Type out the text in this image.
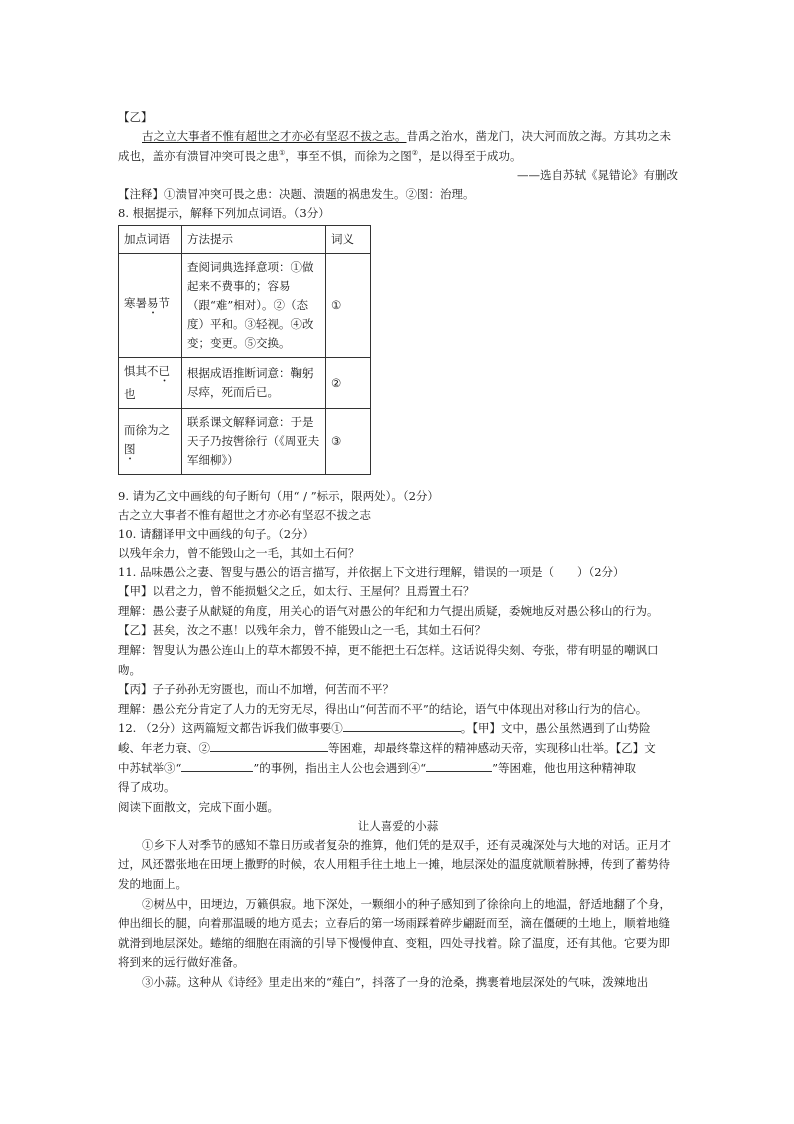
【乙】
古之立大事者不惟有超世之才亦必有坚忍不拔之志。昔禹之治水，凿龙门，决大河而放之海。方其功之未成也，盖亦有溃冒冲突可畏之患①，事至不惧，而徐为之图②，是以得至于成功。
——选自苏轼《晁错论》有删改
【注释】①溃冒冲突可畏之患：决题、溃题的祸患发生。②图：治理。
8. 根据提示，解释下列加点词语。（3分）
加点词语	方法提示	词义
寒暑易节	查阅词典选择意项：①做起来不费事的；容易（跟“难”相对）。②（态度）平和。③轻视。④改变；变更。⑤交换。	①
惧其不已也	根据成语推断词意：鞠躬尽瘁，死而后已。	②
而徐为之图	联系课文解释词意：于是天子乃按辔徐行（《周亚夫军细柳》）	③
9. 请为乙文中画线的句子断句（用“ / ”标示，限两处）。（2分）
古之立大事者不惟有超世之才亦必有坚忍不拔之志
10. 请翻译甲文中画线的句子。（2分）
以残年余力，曾不能毁山之一毛，其如土石何？
11. 品味愚公之妻、智叟与愚公的语言描写，并依据上下文进行理解，错误的一项是（　　）（2分）
【甲】以君之力，曾不能损魁父之丘，如太行、王屋何？且焉置土石？
理解：愚公妻子从献疑的角度，用关心的语气对愚公的年纪和力气提出质疑，委婉地反对愚公移山的行为。
【乙】甚矣，汝之不惠！以残年余力，曾不能毁山之一毛，其如土石何？
理解：智叟认为愚公连山上的草木都毁不掉，更不能把土石怎样。这话说得尖刻、夸张，带有明显的嘲讽口吻。
【丙】子子孙孙无穷匮也，而山不加增，何苦而不平？
理解：愚公充分肯定了人力的无穷无尽，得出山“何苦而不平”的结论，语气中体现出对移山行为的信心。
12. （2分）这两篇短文都告诉我们做事要①	。【甲】文中，愚公虽然遇到了山势险
峻、年老力衰、②	等困难，却最终靠这样的精神感动天帝，实现移山壮举。【乙】文
中苏轼举③“	”的事例，指出主人公也会遇到④“	”等困难，他也用这种精神取
得了成功。
阅读下面散文，完成下面小题。
让人喜爱的小蒜
①乡下人对季节的感知不靠日历或者复杂的推算，他们凭的是双手，还有灵魂深处与大地的对话。正月才过，风还嚣张地在田埂上撒野的时候，农人用粗手往土地上一摊，地层深处的温度就顺着脉搏，传到了蓄势待发的地面上。
②树丛中，田埂边，万籁俱寂。地下深处，一颗细小的种子感知到了徐徐向上的地温，舒适地翻了个身，伸出细长的腿，向着那温暖的地方觅去；立春后的第一场雨踩着碎步翩跹而至，滴在僵硬的土地上，顺着地缝就滑到地层深处。蜷缩的细胞在雨滴的引导下慢慢伸直、变粗，四处寻找着。除了温度，还有其他。它要为即将到来的远行做好准备。
③小蒜。这种从《诗经》里走出来的“薤白”，抖落了一身的沧桑，携裹着地层深处的气味，泼辣地出
